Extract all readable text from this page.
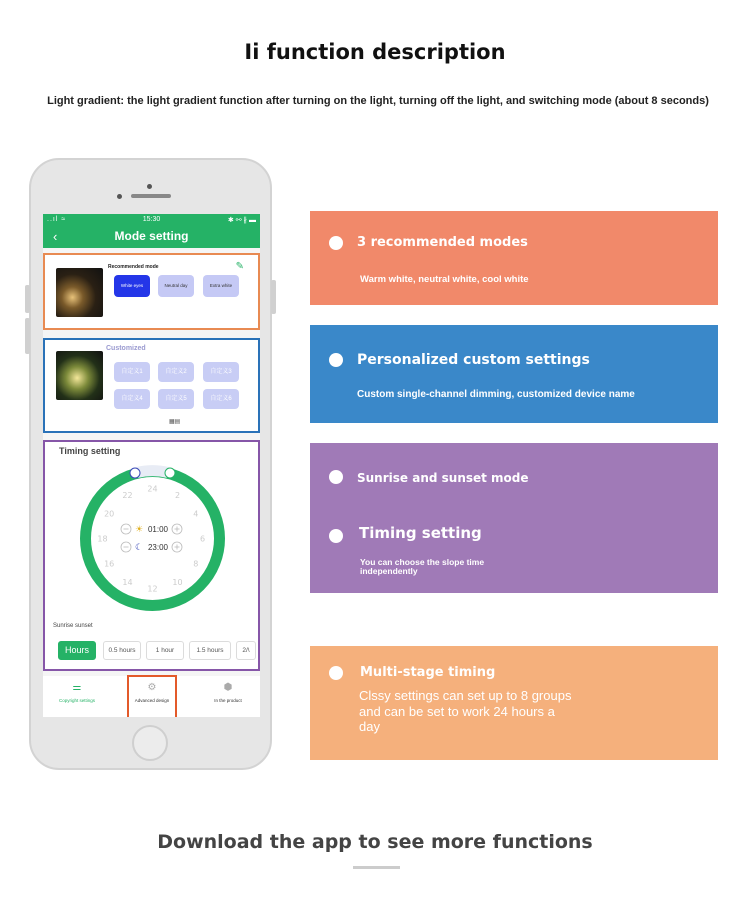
Ii function description
Light gradient: the light gradient function after turning on the light, turning off the light, and switching mode (about 8 seconds)
..ıl ≈	15:30	✱ ⚯ ∦ ▬
‹	Mode setting
Recommended mode	✎
White eyes	Neutral day	Extra white
Customized
自定义1	自定义2	自定义3
自定义4	自定义5	自定义6
▦▤
Timing setting
24
2
4
6
8
10
12
14
16
18
20
22
☀ 01:00
☾ 23:00
Sunrise sunset
Hours	0.5 hours	1 hour	1.5 hours	2/\
⚌
Copyright settings
⚙
Advanced design
⬢
In the product
3 recommended modes
Warm white, neutral white, cool white
Personalized custom settings
Custom single-channel dimming, customized device name
Sunrise and sunset mode
Timing setting
You can choose the slope time independently
Multi-stage timing
Clssy settings can set up to 8 groups and can be set to work 24 hours a day
Download the app to see more functions
